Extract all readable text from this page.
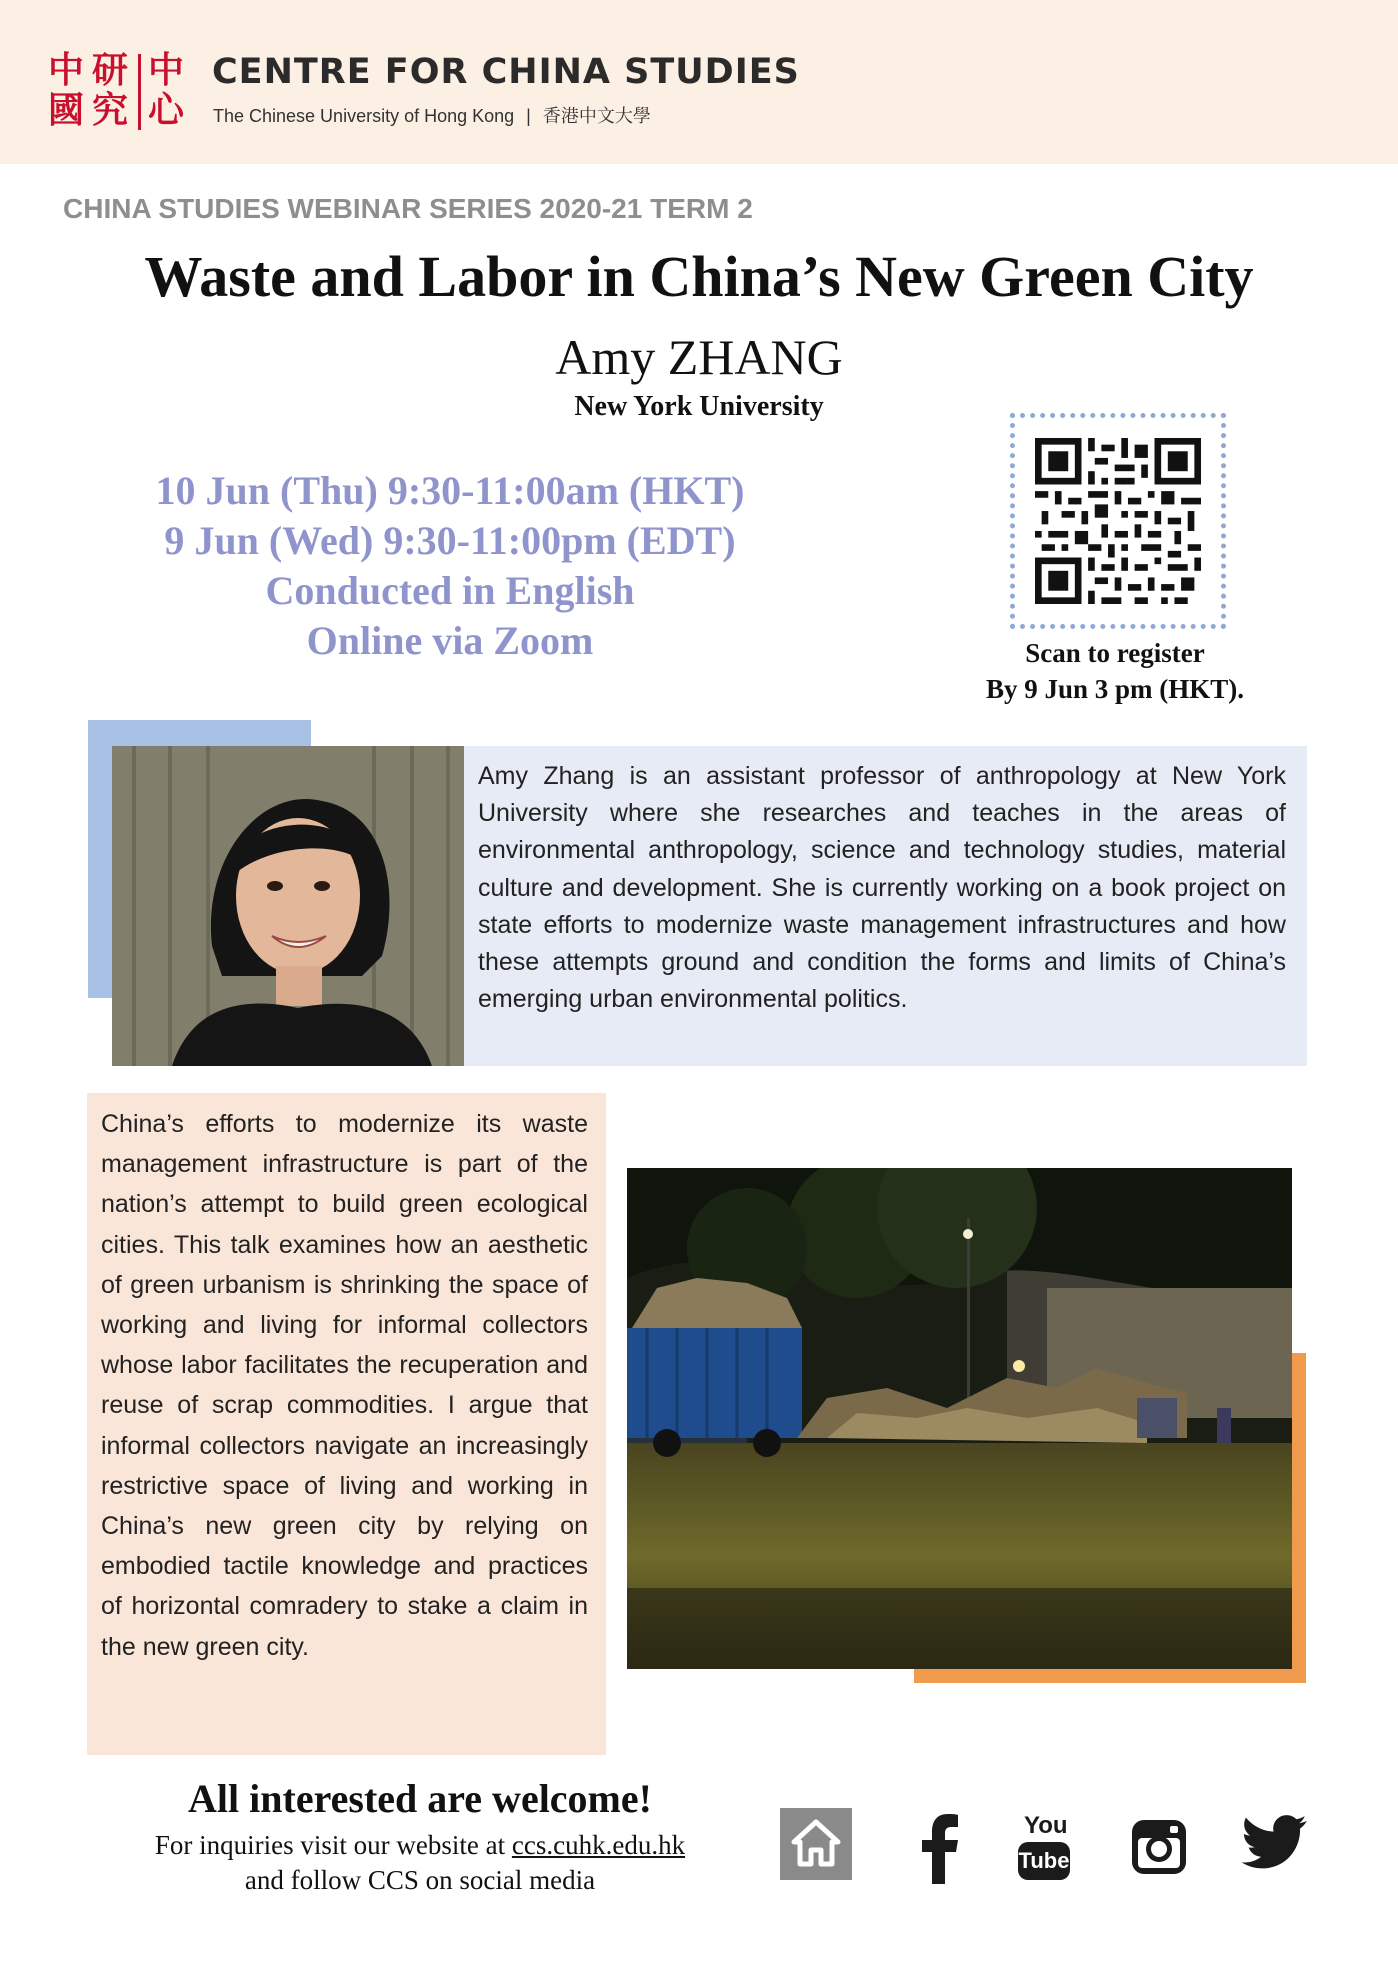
中 研
國 究
中
心
CENTRE FOR CHINA STUDIES
The Chinese University of Hong Kong | 香港中文大學
CHINA STUDIES WEBINAR SERIES 2020-21 TERM 2
Waste and Labor in China’s New Green City
Amy ZHANG
New York University
10 Jun (Thu) 9:30-11:00am (HKT)
9 Jun (Wed) 9:30-11:00pm (EDT)
Conducted in English
Online via Zoom	Scan to register
By 9 Jun 3 pm (HKT).
Amy Zhang is an assistant professor of anthropology at New York University where she researches and teaches in the areas of environmental anthropology, science and technology studies, material culture and development. She is currently working on a book project on state efforts to modernize waste management infrastructures and how these attempts ground and condition the forms and limits of China’s emerging urban environmental politics.
China’s efforts to modernize its waste management infrastructure is part of the nation’s attempt to build green ecological cities. This talk examines how an aesthetic of green urbanism is shrinking the space of working and living for informal collectors whose labor facilitates the recuperation and reuse of scrap commodities. I argue that informal collectors navigate an increasingly restrictive space of living and working in China’s new green city by relying on embodied tactile knowledge and practices of horizontal comradery to stake a claim in the new green city.
All interested are welcome!
For inquiries visit our website at ccs.cuhk.edu.hk
and follow CCS on social media
You
Tube
